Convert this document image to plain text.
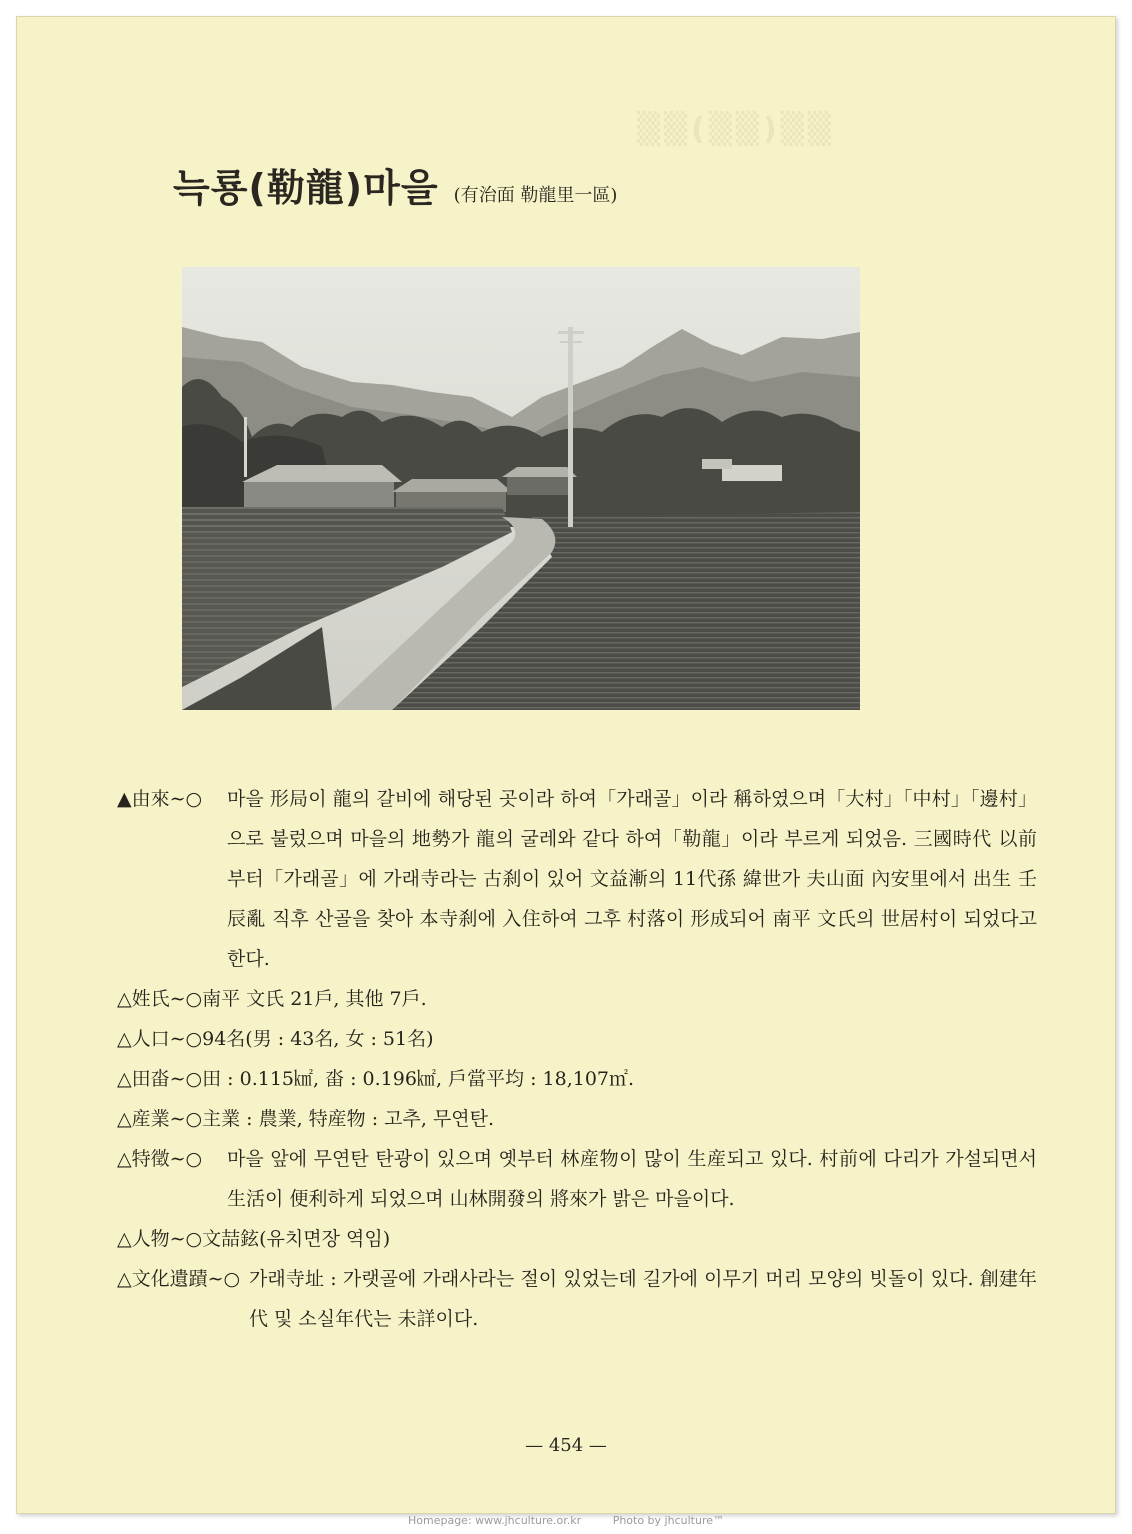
▒▒(▒▒)▒▒
늑룡(勒龍)마을 (有治面 勒龍里一區)
▲由來∼○ 마을 形局이 龍의 갈비에 해당된 곳이라 하여「가래골」이라 稱하였으며「大村」「中村」「邊村」으로 불렀으며 마을의 地勢가 龍의 굴레와 같다 하여「勒龍」이라 부르게 되었음. 三國時代 以前부터「가래골」에 가래寺라는 古刹이 있어 文益漸의 11代孫 緯世가 夫山面 內安里에서 出生 壬辰亂 직후 산골을 찾아 本寺刹에 入住하여 그후 村落이 形成되어 南平 文氏의 世居村이 되었다고 한다.
△姓氏∼○南平 文氏 21戶, 其他 7戶.
△人口∼○94名(男 : 43名, 女 : 51名)
△田畓∼○田 : 0.115㎢, 畓 : 0.196㎢, 戶當平均 : 18,107㎡.
△産業∼○主業 : 農業, 特産物 : 고추, 무연탄.
△特徵∼○ 마을 앞에 무연탄 탄광이 있으며 옛부터 林産物이 많이 生産되고 있다. 村前에 다리가 가설되면서 生活이 便利하게 되었으며 山林開發의 將來가 밝은 마을이다.
△人物∼○文喆鉉(유치면장 역임)
△文化遺蹟∼○ 가래寺址 : 가랫골에 가래사라는 절이 있었는데 길가에 이무기 머리 모양의 빗돌이 있다. 創建年代 및 소실年代는 未詳이다.
— 454 —
Homepage: www.jhculture.or.kr	Photo by jhculture™
